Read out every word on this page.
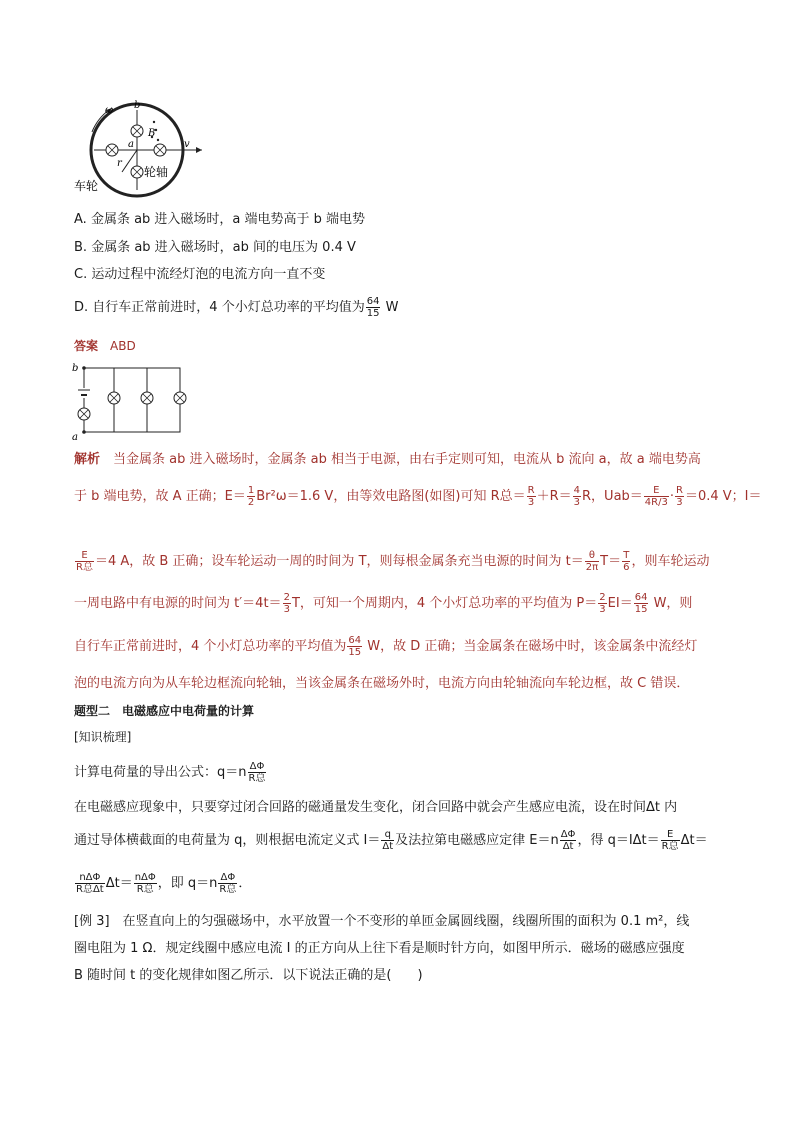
ω b
a
B
v
r
轮轴
车轮
A. 金属条 ab 进入磁场时，a 端电势高于 b 端电势
B. 金属条 ab 进入磁场时，ab 间的电压为 0.4 V
C. 运动过程中流经灯泡的电流方向一直不变
D. 自行车正常前进时，4 个小灯总功率的平均值为 $\frac{64}{15}$ W
答案　 ABD
b
a
解析　 当金属条 ab 进入磁场时，金属条 ab 相当于电源，由右手定则可知，电流从 b 流向 a，故 a 端电势高
于 b 端电势，故 A 正确；$E= \frac{1}{2} Br^2\omega=1.6$ V，由等效电路图(如图)可知 R总＝ $\frac{R}{3} +R= \frac{4}{3}$ R，$Uab= \frac{E}{4R/3} \cdot \frac{R}{3} =0.4$ V；I＝
$\frac{E}{\text{R总}} =4$ A，故 B 正确；设车轮运动一周的时间为 T，则每根金属条充当电源的时间为 $t= \frac{\theta}{2\pi} T= \frac{T}{6}$ ，则车轮运动
一周电路中有电源的时间为 $t'=4t= \frac{2}{3}$ T，可知一个周期内，4 个小灯总功率的平均值为 $P= \frac{2}{3} EI= \frac{64}{15}$ W，则
自行车正常前进时，4 个小灯总功率的平均值为 $\frac{64}{15}$ W，故 D 正确；当金属条在磁场中时，该金属条中流经灯
泡的电流方向为从车轮边框流向轮轴，当该金属条在磁场外时，电流方向由轮轴流向车轮边框，故 C 错误．
题型二　电磁感应中电荷量的计算
[知识梳理]
计算电荷量的导出公式：$q=n \frac{\Delta\Phi}{\text{R总}}$
在电磁感应现象中，只要穿过闭合回路的磁通量发生变化，闭合回路中就会产生感应电流，设在时间Δt 内
通过导体横截面的电荷量为 q，则根据电流定义式 $I= \frac{q}{\Delta t}$ 及法拉第电磁感应定律 $E=n \frac{\Delta\Phi}{\Delta t}$ ，得 $q=I\Delta t= \frac{E}{\text{R总}} \Delta t=$
$\frac{\text{nΔΦ}}{\text{R总Δt}} \Delta t= \frac{\text{nΔΦ}}{\text{R总}}$ ，即 $q=n \frac{\Delta\Phi}{\text{R总}}$ ．
[例 3]　在竖直向上的匀强磁场中，水平放置一个不变形的单匝金属圆线圈，线圈所围的面积为 0.1 m²，线
圈电阻为 1 Ω．规定线圈中感应电流 I 的正方向从上往下看是顺时针方向，如图甲所示．磁场的磁感应强度
B 随时间 t 的变化规律如图乙所示．以下说法正确的是(　　)
